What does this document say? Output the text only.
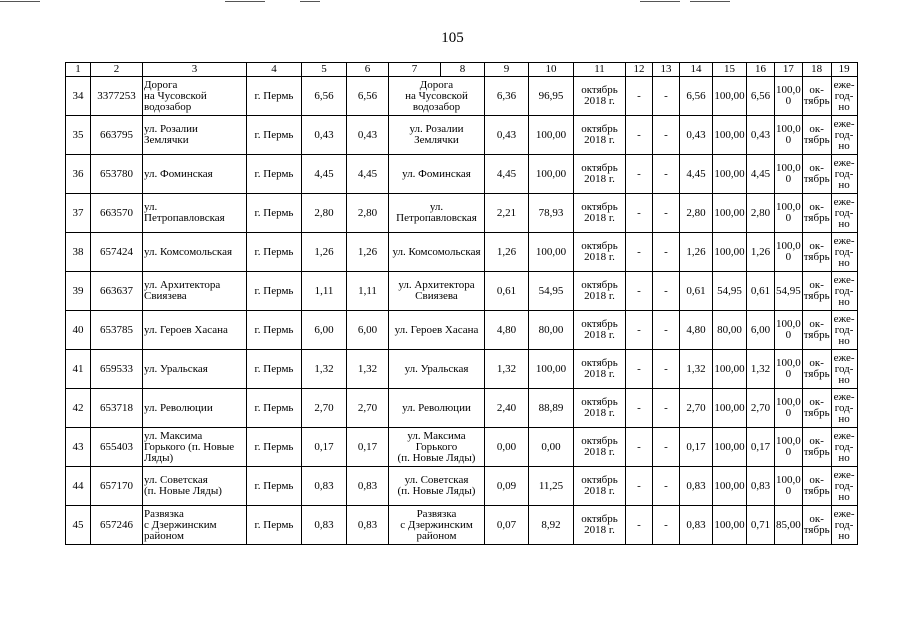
105
1	2	3	4	5	6	7	8	9	10	11	12	13	14	15	16	17	18	19
34	3377253	Дорога
на Чусовской
водозабор	г. Пермь	6,56	6,56	Дорога
на Чусовской
водозабор		6,36	96,95	октябрь
2018 г.	-	-	6,56	100,00	6,56	100,0
0	ок-
тябрь	еже-
год-
но

35	663795	ул. Розалии
Землячки	г. Пермь	0,43	0,43	ул. Розалии
Землячки		0,43	100,00	октябрь
2018 г.	-	-	0,43	100,00	0,43	100,0
0	ок-
тябрь	еже-
год-
но

36	653780	ул. Фоминская	г. Пермь	4,45	4,45	ул. Фоминская		4,45	100,00	октябрь
2018 г.	-	-	4,45	100,00	4,45	100,0
0	ок-
тябрь	еже-
год-
но

37	663570	ул.
Петропавловская	г. Пермь	2,80	2,80	ул.
Петропавловская		2,21	78,93	октябрь
2018 г.	-	-	2,80	100,00	2,80	100,0
0	ок-
тябрь	еже-
год-
но

38	657424	ул. Комсомольская	г. Пермь	1,26	1,26	ул. Комсомольская		1,26	100,00	октябрь
2018 г.	-	-	1,26	100,00	1,26	100,0
0	ок-
тябрь	еже-
год-
но

39	663637	ул. Архитектора
Свиязева	г. Пермь	1,11	1,11	ул. Архитектора
Свиязева		0,61	54,95	октябрь
2018 г.	-	-	0,61	54,95	0,61	54,95	ок-
тябрь	еже-
год-
но

40	653785	ул. Героев Хасана	г. Пермь	6,00	6,00	ул. Героев Хасана		4,80	80,00	октябрь
2018 г.	-	-	4,80	80,00	6,00	100,0
0	ок-
тябрь	еже-
год-
но

41	659533	ул. Уральская	г. Пермь	1,32	1,32	ул. Уральская		1,32	100,00	октябрь
2018 г.	-	-	1,32	100,00	1,32	100,0
0	ок-
тябрь	еже-
год-
но

42	653718	ул. Революции	г. Пермь	2,70	2,70	ул. Революции		2,40	88,89	октябрь
2018 г.	-	-	2,70	100,00	2,70	100,0
0	ок-
тябрь	еже-
год-
но

43	655403	ул. Максима
Горького (п. Новые
Ляды)	г. Пермь	0,17	0,17	ул. Максима
Горького
(п. Новые Ляды)		0,00	0,00	октябрь
2018 г.	-	-	0,17	100,00	0,17	100,0
0	ок-
тябрь	еже-
год-
но

44	657170	ул. Советская
(п. Новые Ляды)	г. Пермь	0,83	0,83	ул. Советская
(п. Новые Ляды)		0,09	11,25	октябрь
2018 г.	-	-	0,83	100,00	0,83	100,0
0	ок-
тябрь	еже-
год-
но

45	657246	Развязка
с Дзержинским
районом	г. Пермь	0,83	0,83	Развязка
с Дзержинским
районом		0,07	8,92	октябрь
2018 г.	-	-	0,83	100,00	0,71	85,00	ок-
тябрь	еже-
год-
но
